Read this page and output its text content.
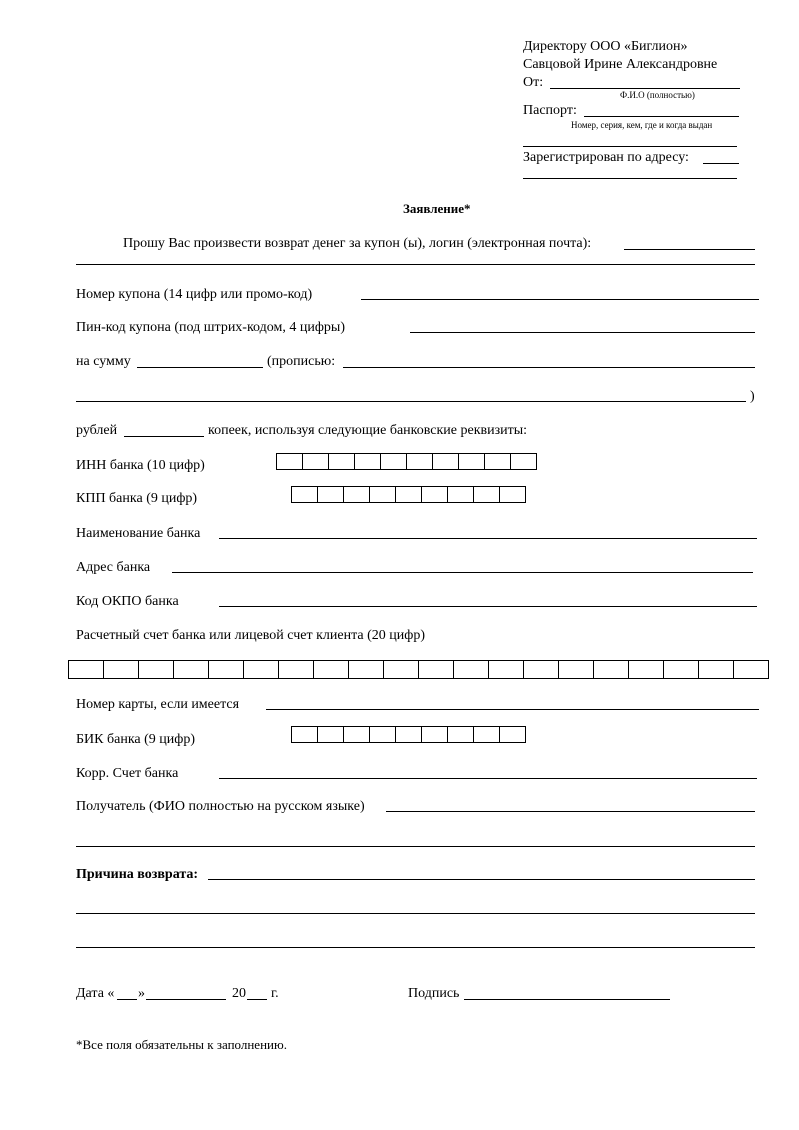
Директору ООО «Биглион»
Савцовой Ирине Александровне
От:
Ф.И.О (полностью)
Паспорт:
Номер, серия, кем, где и когда выдан
Зарегистрирован по адресу:
Заявление*
Прошу Вас произвести возврат денег за купон (ы), логин (электронная почта):
Номер купона (14 цифр или промо-код)
Пин-код купона (под штрих-кодом, 4 цифры)
на сумму	(прописью:
)
рублей	копеек, используя следующие банковские реквизиты:
ИНН банка (10 цифр)
КПП банка (9 цифр)
Наименование банка
Адрес банка
Код ОКПО банка
Расчетный счет банка или лицевой счет клиента (20 цифр)
Номер карты, если имеется
БИК банка (9 цифр)
Корр. Счет банка
Получатель (ФИО полностью на русском языке)
Причина возврата:
Дата « »	20 г.	Подпись
*Все поля обязательны к заполнению.
